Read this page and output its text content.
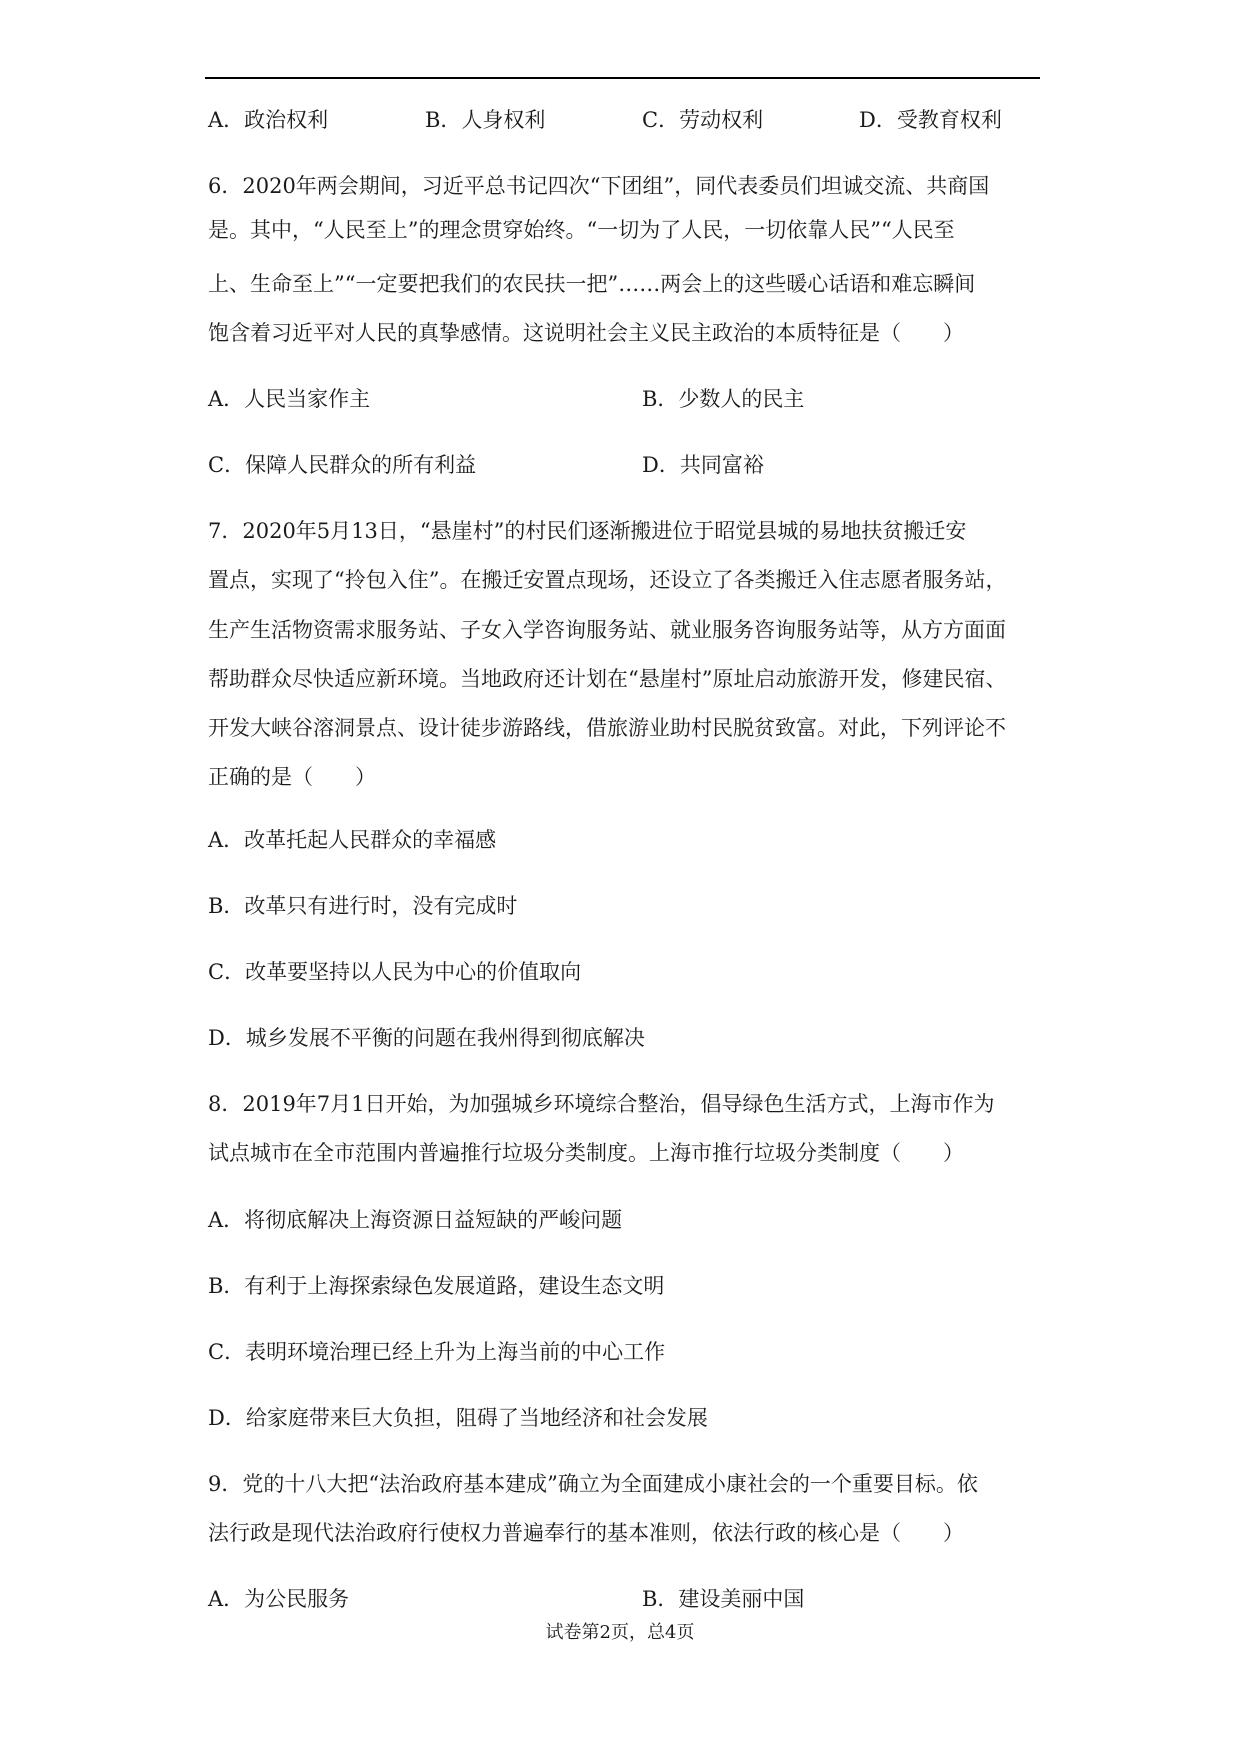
A．政治权利	B．人身权利	C．劳动权利	D．受教育权利
6．2020年两会期间，习近平总书记四次“下团组”，同代表委员们坦诚交流、共商国
是。其中，“人民至上”的理念贯穿始终。“一切为了人民，一切依靠人民”“人民至
上、生命至上”“一定要把我们的农民扶一把”……两会上的这些暖心话语和难忘瞬间
饱含着习近平对人民的真挚感情。这说明社会主义民主政治的本质特征是（　　）
A．人民当家作主	B．少数人的民主
C．保障人民群众的所有利益	D．共同富裕
7．2020年5月13日，“悬崖村”的村民们逐渐搬进位于昭觉县城的易地扶贫搬迁安
置点，实现了“拎包入住”。在搬迁安置点现场，还设立了各类搬迁入住志愿者服务站，
生产生活物资需求服务站、子女入学咨询服务站、就业服务咨询服务站等，从方方面面
帮助群众尽快适应新环境。当地政府还计划在“悬崖村”原址启动旅游开发，修建民宿、
开发大峡谷溶洞景点、设计徒步游路线，借旅游业助村民脱贫致富。对此，下列评论不
正确的是（　　）
A．改革托起人民群众的幸福感
B．改革只有进行时，没有完成时
C．改革要坚持以人民为中心的价值取向
D．城乡发展不平衡的问题在我州得到彻底解决
8．2019年7月1日开始，为加强城乡环境综合整治，倡导绿色生活方式，上海市作为
试点城市在全市范围内普遍推行垃圾分类制度。上海市推行垃圾分类制度（　　）
A．将彻底解决上海资源日益短缺的严峻问题
B．有利于上海探索绿色发展道路，建设生态文明
C．表明环境治理已经上升为上海当前的中心工作
D．给家庭带来巨大负担，阻碍了当地经济和社会发展
9．党的十八大把“法治政府基本建成”确立为全面建成小康社会的一个重要目标。依
法行政是现代法治政府行使权力普遍奉行的基本准则，依法行政的核心是（　　）
A．为公民服务	B．建设美丽中国
试卷第2页，总4页
